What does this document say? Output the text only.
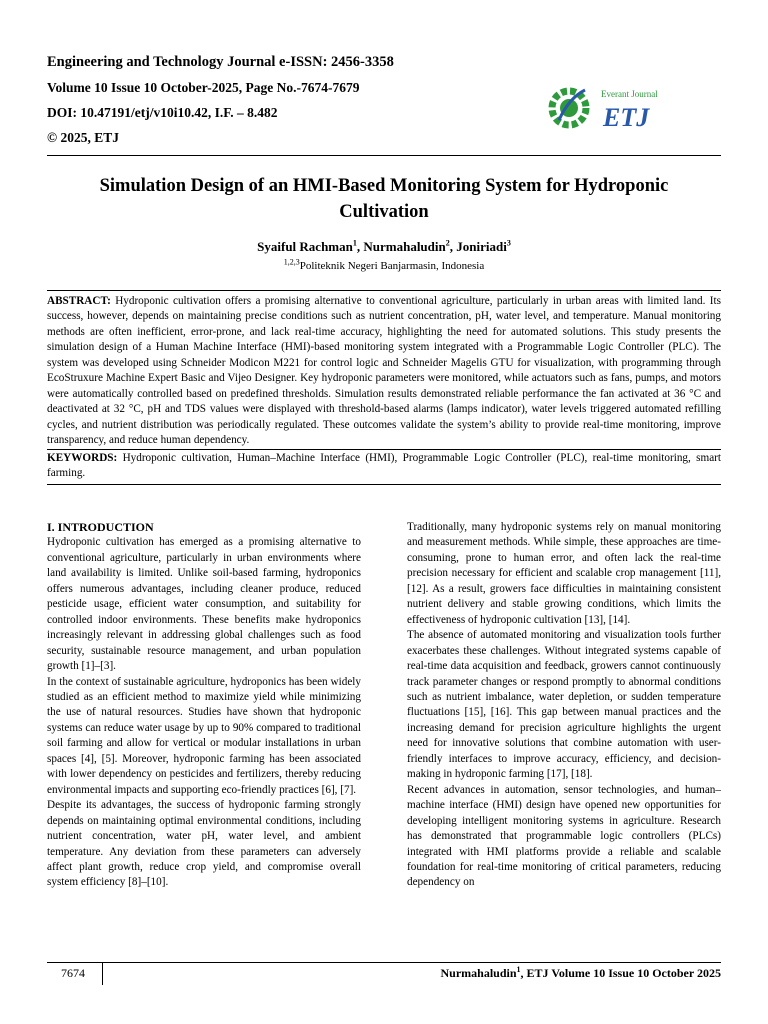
Engineering and Technology Journal e-ISSN: 2456-3358
Volume 10 Issue 10 October-2025, Page No.-7674-7679
DOI: 10.47191/etj/v10i10.42, I.F. – 8.482
© 2025, ETJ
Everant Journal
ETJ
Simulation Design of an HMI-Based Monitoring System for Hydroponic Cultivation
Syaiful Rachman$^1$, Nurmahaludin$^2$, Joniriadi$^3$
$^{1,2,3}$Politeknik Negeri Banjarmasin, Indonesia

ABSTRACT: Hydroponic cultivation offers a promising alternative to conventional agriculture, particularly in urban areas with limited land. Its success, however, depends on maintaining precise conditions such as nutrient concentration, pH, water level, and temperature. Manual monitoring methods are often inefficient, error-prone, and lack real-time accuracy, highlighting the need for automated solutions. This study presents the simulation design of a Human Machine Interface (HMI)-based monitoring system integrated with a Programmable Logic Controller (PLC). The system was developed using Schneider Modicon M221 for control logic and Schneider Magelis GTU for visualization, with programming through EcoStruxure Machine Expert Basic and Vijeo Designer. Key hydroponic parameters were monitored, while actuators such as fans, pumps, and motors were automatically controlled based on predefined thresholds. Simulation results demonstrated reliable performance the fan activated at 36 °C and deactivated at 32 °C, pH and TDS values were displayed with threshold-based alarms (lamps indicator), water levels triggered automated refilling cycles, and nutrient distribution was periodically regulated. These outcomes validate the system’s ability to provide real-time monitoring, improve transparency, and reduce human dependency.

KEYWORDS: Hydroponic cultivation, Human–Machine Interface (HMI), Programmable Logic Controller (PLC), real-time monitoring, smart farming.

I. INTRODUCTION

Hydroponic cultivation has emerged as a promising alternative to conventional agriculture, particularly in urban environments where land availability is limited. Unlike soil-based farming, hydroponics offers numerous advantages, including cleaner produce, reduced pesticide usage, efficient water consumption, and suitability for controlled indoor environments. These benefits make hydroponics increasingly relevant in addressing global challenges such as food security, sustainable resource management, and urban population growth [1]–[3].

In the context of sustainable agriculture, hydroponics has been widely studied as an efficient method to maximize yield while minimizing the use of natural resources. Studies have shown that hydroponic systems can reduce water usage by up to 90% compared to traditional soil farming and allow for vertical or modular installations in urban spaces [4], [5]. Moreover, hydroponic farming has been associated with lower dependency on pesticides and fertilizers, thereby reducing environmental impacts and supporting eco-friendly practices [6], [7].

Despite its advantages, the success of hydroponic farming strongly depends on maintaining optimal environmental conditions, including nutrient concentration, water pH, water level, and ambient temperature. Any deviation from these parameters can adversely affect plant growth, reduce crop yield, and compromise overall system efficiency [8]–[10].

Traditionally, many hydroponic systems rely on manual monitoring and measurement methods. While simple, these approaches are time-consuming, prone to human error, and often lack the real-time precision necessary for efficient and scalable crop management [11], [12]. As a result, growers face difficulties in maintaining consistent nutrient delivery and stable growing conditions, which limits the effectiveness of hydroponic cultivation [13], [14].

The absence of automated monitoring and visualization tools further exacerbates these challenges. Without integrated systems capable of real-time data acquisition and feedback, growers cannot continuously track parameter changes or respond promptly to abnormal conditions such as nutrient imbalance, water depletion, or sudden temperature fluctuations [15], [16]. This gap between manual practices and the increasing demand for precision agriculture highlights the urgent need for innovative solutions that combine automation with user-friendly interfaces to improve accuracy, efficiency, and decision-making in hydroponic farming [17], [18].

Recent advances in automation, sensor technologies, and human–machine interface (HMI) design have opened new opportunities for developing intelligent monitoring systems in agriculture. Research has demonstrated that programmable logic controllers (PLCs) integrated with HMI platforms provide a reliable and scalable foundation for real-time monitoring of critical parameters, reducing dependency on

7674	Nurmahaludin$^1$, ETJ Volume 10 Issue 10 October 2025
